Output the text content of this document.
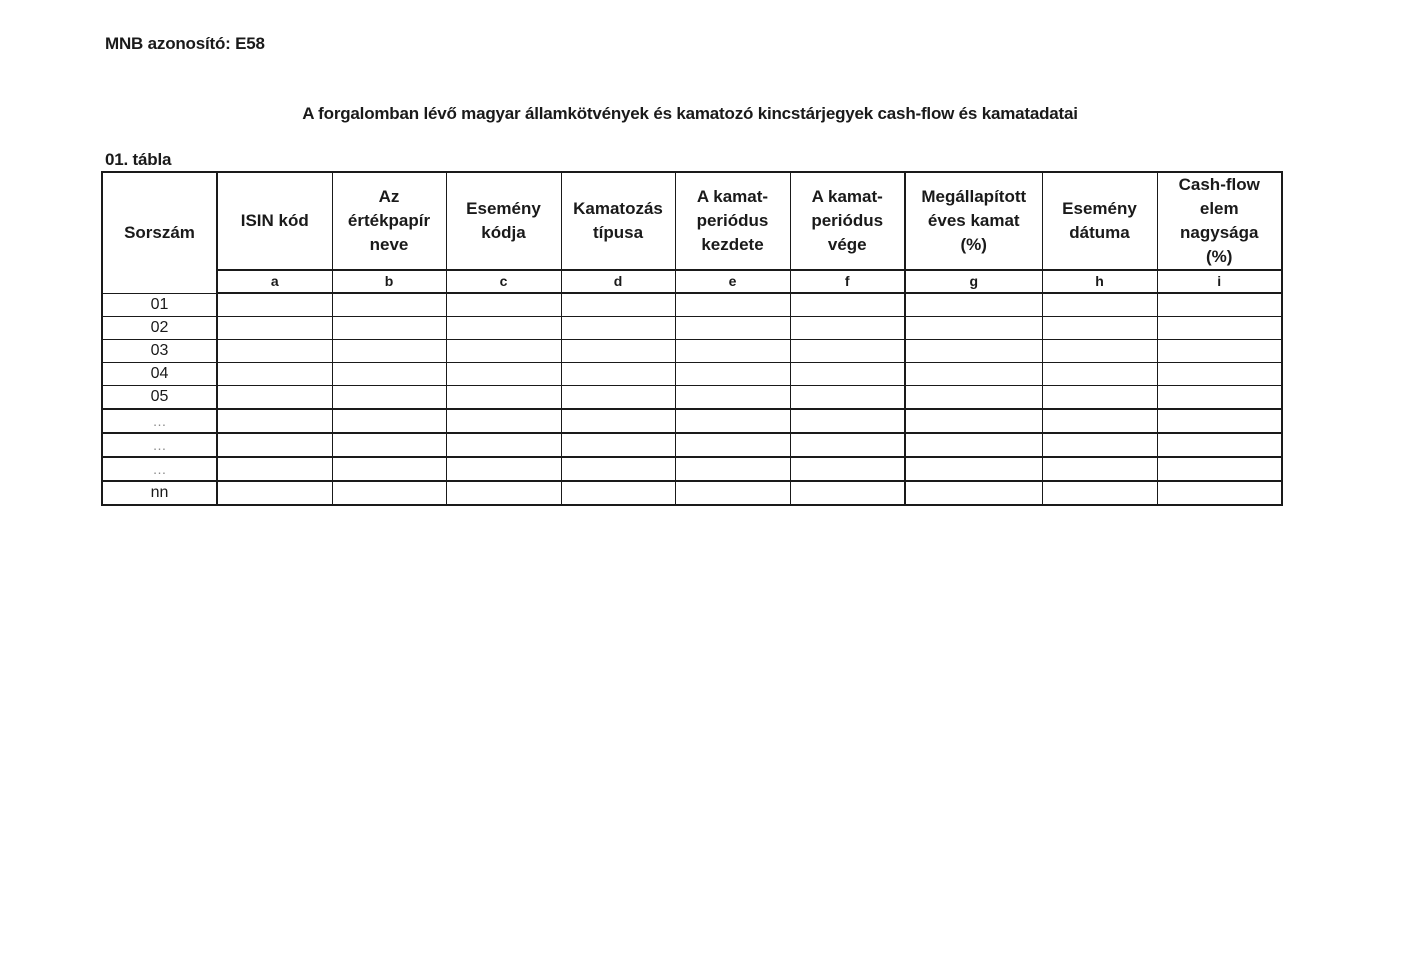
MNB azonosító: E58
A forgalomban lévő magyar államkötvények és kamatozó kincstárjegyek cash-flow és kamatadatai
01. tábla
Sorszám	ISIN kód	Az értékpapír neve	Esemény kódja	Kamatozás típusa	A kamat-periódus kezdete	A kamat-periódus vége	Megállapított éves kamat (%)	Esemény dátuma	Cash-flow elem nagysága (%)

	a	b	c	d	e	f	g	h	i
01									
02									
03									
04									
05									
…									
…									
…									
nn									
